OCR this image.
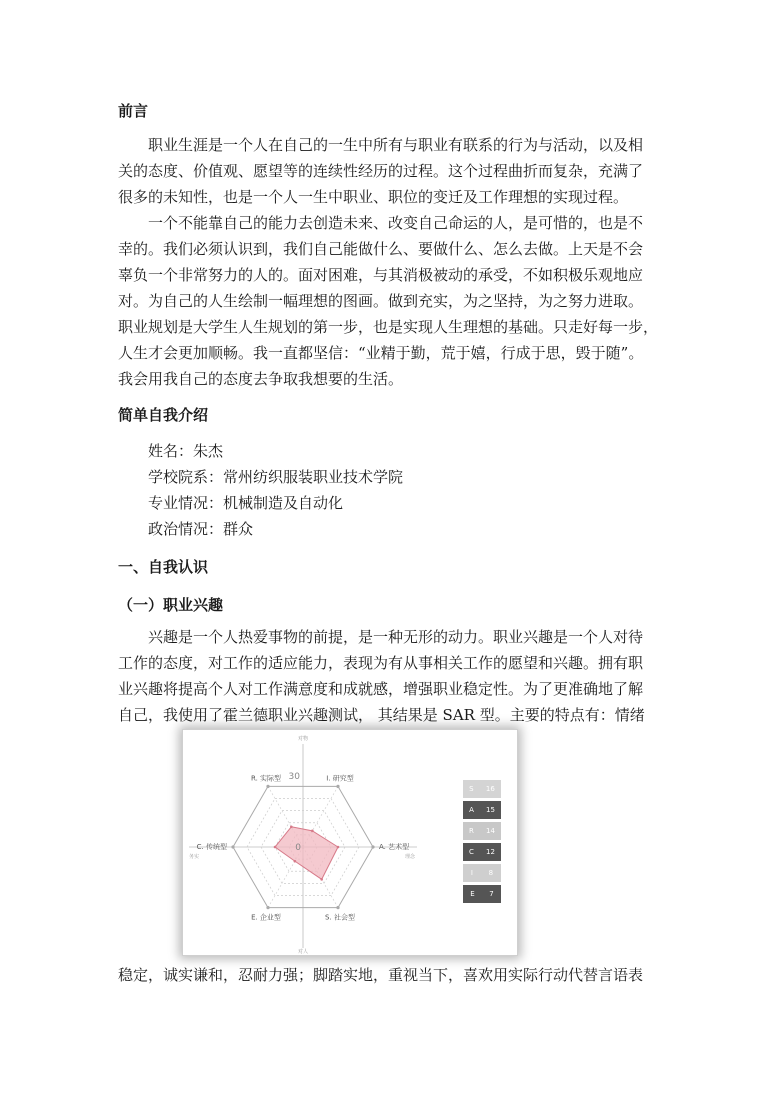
前言
　　职业生涯是一个人在自己的一生中所有与职业有联系的行为与活动，以及相
关的态度、价值观、愿望等的连续性经历的过程。这个过程曲折而复杂，充满了
很多的未知性，也是一个人一生中职业、职位的变迁及工作理想的实现过程。
　　一个不能靠自己的能力去创造未来、改变自己命运的人，是可惜的，也是不
幸的。我们必须认识到，我们自己能做什么、要做什么、怎么去做。上天是不会
辜负一个非常努力的人的。面对困难，与其消极被动的承受，不如积极乐观地应
对。为自己的人生绘制一幅理想的图画。做到充实，为之坚持，为之努力进取。
职业规划是大学生人生规划的第一步，也是实现人生理想的基础。只走好每一步，
人生才会更加顺畅。我一直都坚信：“业精于勤，荒于嬉，行成于思，毁于随”。
我会用我自己的态度去争取我想要的生活。
简单自我介绍
姓名：朱杰
学校院系：常州纺织服装职业技术学院
专业情况：机械制造及自动化
政治情况：群众
一、自我认识
（一）职业兴趣
　　兴趣是一个人热爱事物的前提，是一种无形的动力。职业兴趣是一个人对待
工作的态度，对工作的适应能力，表现为有从事相关工作的愿望和兴趣。拥有职
业兴趣将提高个人对工作满意度和成就感，增强职业稳定性。为了更准确地了解
自己，我使用了霍兰德职业兴趣测试， 其结果是 SAR 型。主要的特点有：情绪
R. 实际型	I. 研究型
A. 艺术型
S. 社会型
E. 企业型
C. 传统型
30
0
对物
对人
务实	理念
S 16
A 15
R 14
C 12
I 8
E 7
稳定，诚实谦和，忍耐力强；脚踏实地，重视当下，喜欢用实际行动代替言语表
